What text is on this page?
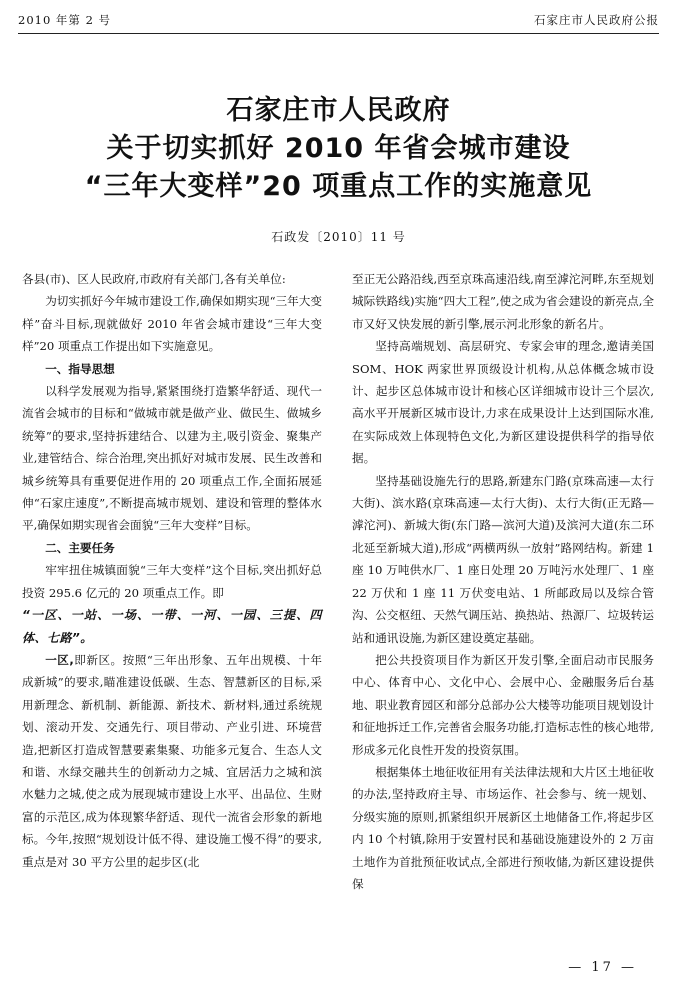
2010 年第 2 号	石家庄市人民政府公报
石家庄市人民政府
关于切实抓好 2010 年省会城市建设
“三年大变样”20 项重点工作的实施意见
石政发〔2010〕11 号

各县(市)、区人民政府,市政府有关部门,各有关单位:

为切实抓好今年城市建设工作,确保如期实现“三年大变样”奋斗目标,现就做好 2010 年省会城市建设“三年大变样”20 项重点工作提出如下实施意见。

一、指导思想

以科学发展观为指导,紧紧围绕打造繁华舒适、现代一流省会城市的目标和“做城市就是做产业、做民生、做城乡统筹”的要求,坚持拆建结合、以建为主,吸引资金、聚集产业,建管结合、综合治理,突出抓好对城市发展、民生改善和城乡统筹具有重要促进作用的 20 项重点工作,全面拓展延伸“石家庄速度”,不断提高城市规划、建设和管理的整体水平,确保如期实现省会面貌“三年大变样”目标。

二、主要任务

牢牢扭住城镇面貌“三年大变样”这个目标,突出抓好总投资 295.6 亿元的 20 项重点工作。即

“一区、一站、一场、一带、一河、一园、三提、四体、七路”。

一区,即新区。按照“三年出形象、五年出规模、十年成新城”的要求,瞄准建设低碳、生态、智慧新区的目标,采用新理念、新机制、新能源、新技术、新材料,通过系统规划、滚动开发、交通先行、项目带动、产业引进、环境营造,把新区打造成智慧要素集聚、功能多元复合、生态人文和谐、水绿交融共生的创新动力之城、宜居活力之城和滨水魅力之城,使之成为展现城市建设上水平、出品位、生财富的示范区,成为体现繁华舒适、现代一流省会形象的新地标。今年,按照“规划设计低不得、建设施工慢不得”的要求,重点是对 30 平方公里的起步区(北

至正无公路沿线,西至京珠高速沿线,南至滹沱河畔,东至规划城际铁路线)实施“四大工程”,使之成为省会建设的新亮点,全市又好又快发展的新引擎,展示河北形象的新名片。

坚持高端规划、高层研究、专家会审的理念,邀请美国 SOM、HOK 两家世界顶级设计机构,从总体概念城市设计、起步区总体城市设计和核心区详细城市设计三个层次,高水平开展新区城市设计,力求在成果设计上达到国际水准,在实际成效上体现特色文化,为新区建设提供科学的指导依据。

坚持基础设施先行的思路,新建东门路(京珠高速—太行大街)、滨水路(京珠高速—太行大街)、太行大街(正无路—滹沱河)、新城大街(东门路—滨河大道)及滨河大道(东二环北延至新城大道),形成“两横两纵一放射”路网结构。新建 1 座 10 万吨供水厂、1 座日处理 20 万吨污水处理厂、1 座 22 万伏和 1 座 11 万伏变电站、1 所邮政局以及综合管沟、公交枢纽、天然气调压站、换热站、热源厂、垃圾转运站和通讯设施,为新区建设奠定基础。

把公共投资项目作为新区开发引擎,全面启动市民服务中心、体育中心、文化中心、会展中心、金融服务后台基地、职业教育园区和部分总部办公大楼等功能项目规划设计和征地拆迁工作,完善省会服务功能,打造标志性的核心地带,形成多元化良性开发的投资氛围。

根据集体土地征收征用有关法律法规和大片区土地征收的办法,坚持政府主导、市场运作、社会参与、统一规划、分级实施的原则,抓紧组织开展新区土地储备工作,将起步区内 10 个村镇,除用于安置村民和基础设施建设外的 2 万亩土地作为首批预征收试点,全部进行预收储,为新区建设提供保

— 17 —
